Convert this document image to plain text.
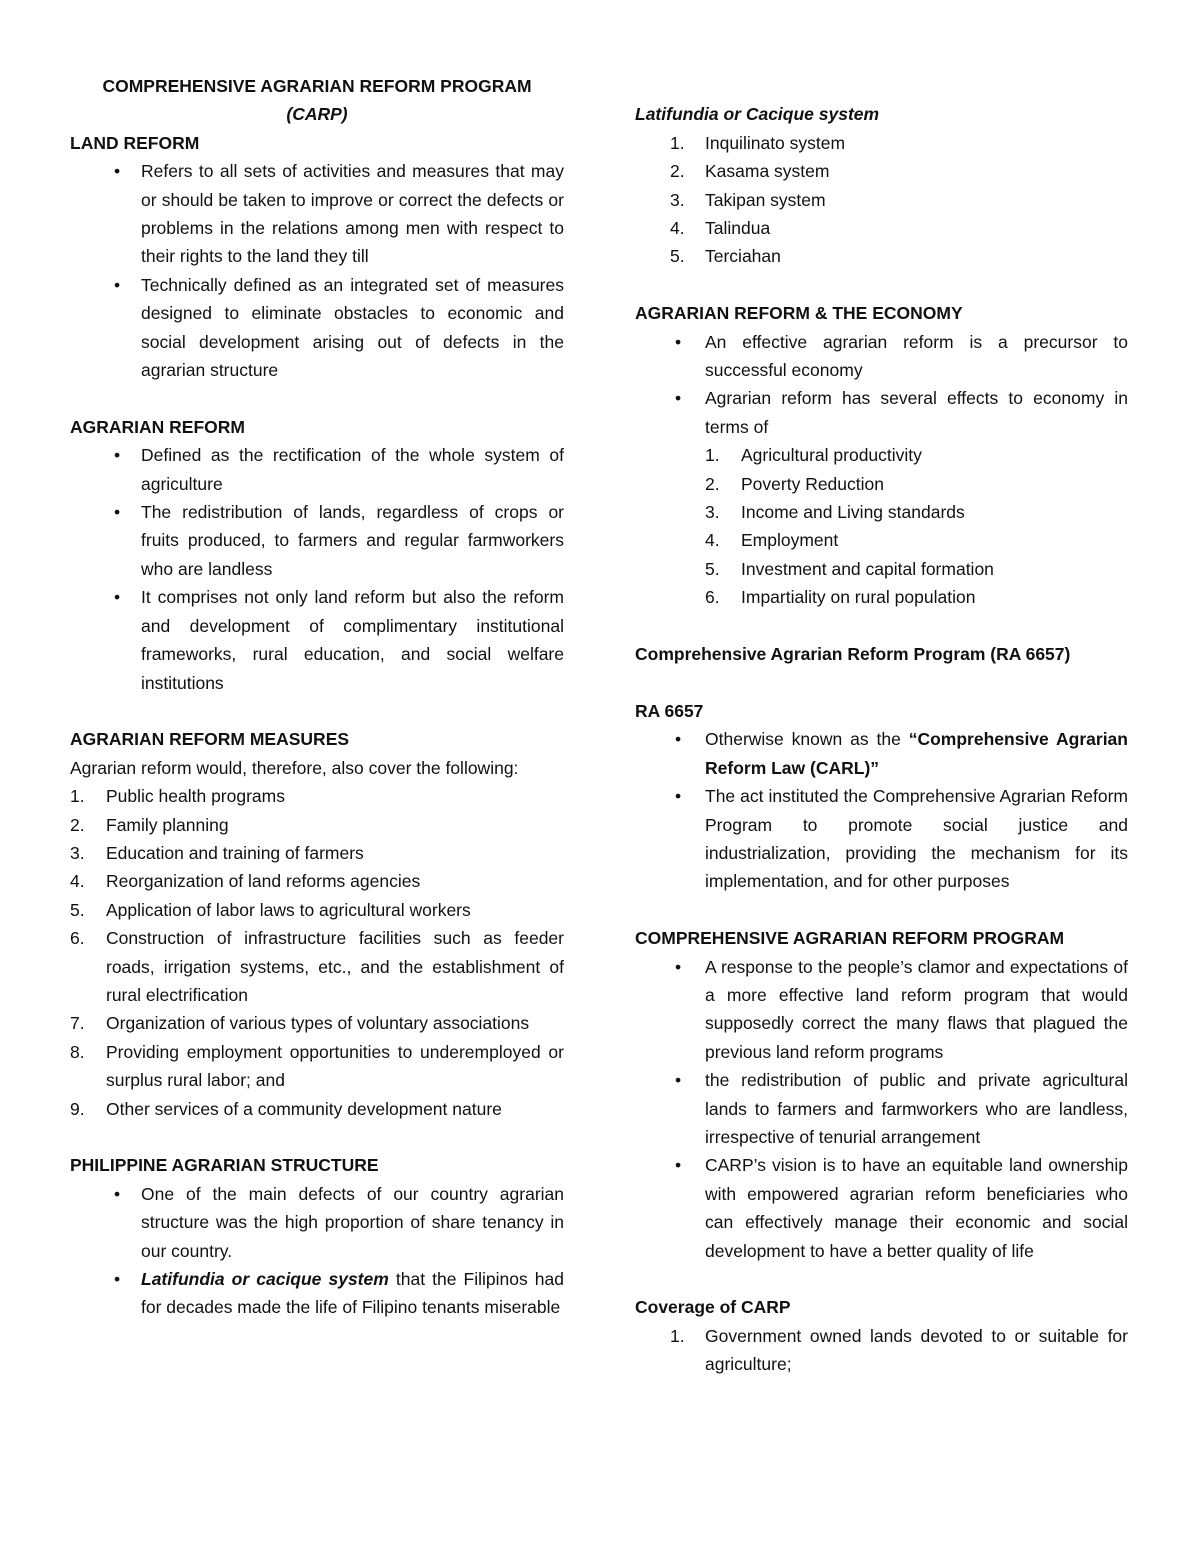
COMPREHENSIVE AGRARIAN REFORM PROGRAM
(CARP)
LAND REFORM
• Refers to all sets of activities and measures that may or should be taken to improve or correct the defects or problems in the relations among men with respect to their rights to the land they till
• Technically defined as an integrated set of measures designed to eliminate obstacles to economic and social development arising out of defects in the agrarian structure
AGRARIAN REFORM
• Defined as the rectification of the whole system of agriculture
• The redistribution of lands, regardless of crops or fruits produced, to farmers and regular farmworkers who are landless
• It comprises not only land reform but also the reform and development of complimentary institutional frameworks, rural education, and social welfare institutions
AGRARIAN REFORM MEASURES
Agrarian reform would, therefore, also cover the following:
1. Public health programs
2. Family planning
3. Education and training of farmers
4. Reorganization of land reforms agencies
5. Application of labor laws to agricultural workers
6. Construction of infrastructure facilities such as feeder roads, irrigation systems, etc., and the establishment of rural electrification
7. Organization of various types of voluntary associations
8. Providing employment opportunities to underemployed or surplus rural labor; and
9. Other services of a community development nature
PHILIPPINE AGRARIAN STRUCTURE
• One of the main defects of our country agrarian structure was the high proportion of share tenancy in our country.
• Latifundia or cacique system that the Filipinos had for decades made the life of Filipino tenants miserable
Latifundia or Cacique system
1. Inquilinato system
2. Kasama system
3. Takipan system
4. Talindua
5. Terciahan
AGRARIAN REFORM & THE ECONOMY
• An effective agrarian reform is a precursor to successful economy
• Agrarian reform has several effects to economy in terms of
1. Agricultural productivity
2. Poverty Reduction
3. Income and Living standards
4. Employment
5. Investment and capital formation
6. Impartiality on rural population
Comprehensive Agrarian Reform Program (RA 6657)
RA 6657
• Otherwise known as the “Comprehensive Agrarian Reform Law (CARL)”
• The act instituted the Comprehensive Agrarian Reform Program to promote social justice and industrialization, providing the mechanism for its implementation, and for other purposes
COMPREHENSIVE AGRARIAN REFORM PROGRAM
• A response to the people’s clamor and expectations of a more effective land reform program that would supposedly correct the many flaws that plagued the previous land reform programs
• the redistribution of public and private agricultural lands to farmers and farmworkers who are landless, irrespective of tenurial arrangement
• CARP’s vision is to have an equitable land ownership with empowered agrarian reform beneficiaries who can effectively manage their economic and social development to have a better quality of life
Coverage of CARP
1. Government owned lands devoted to or suitable for agriculture;
